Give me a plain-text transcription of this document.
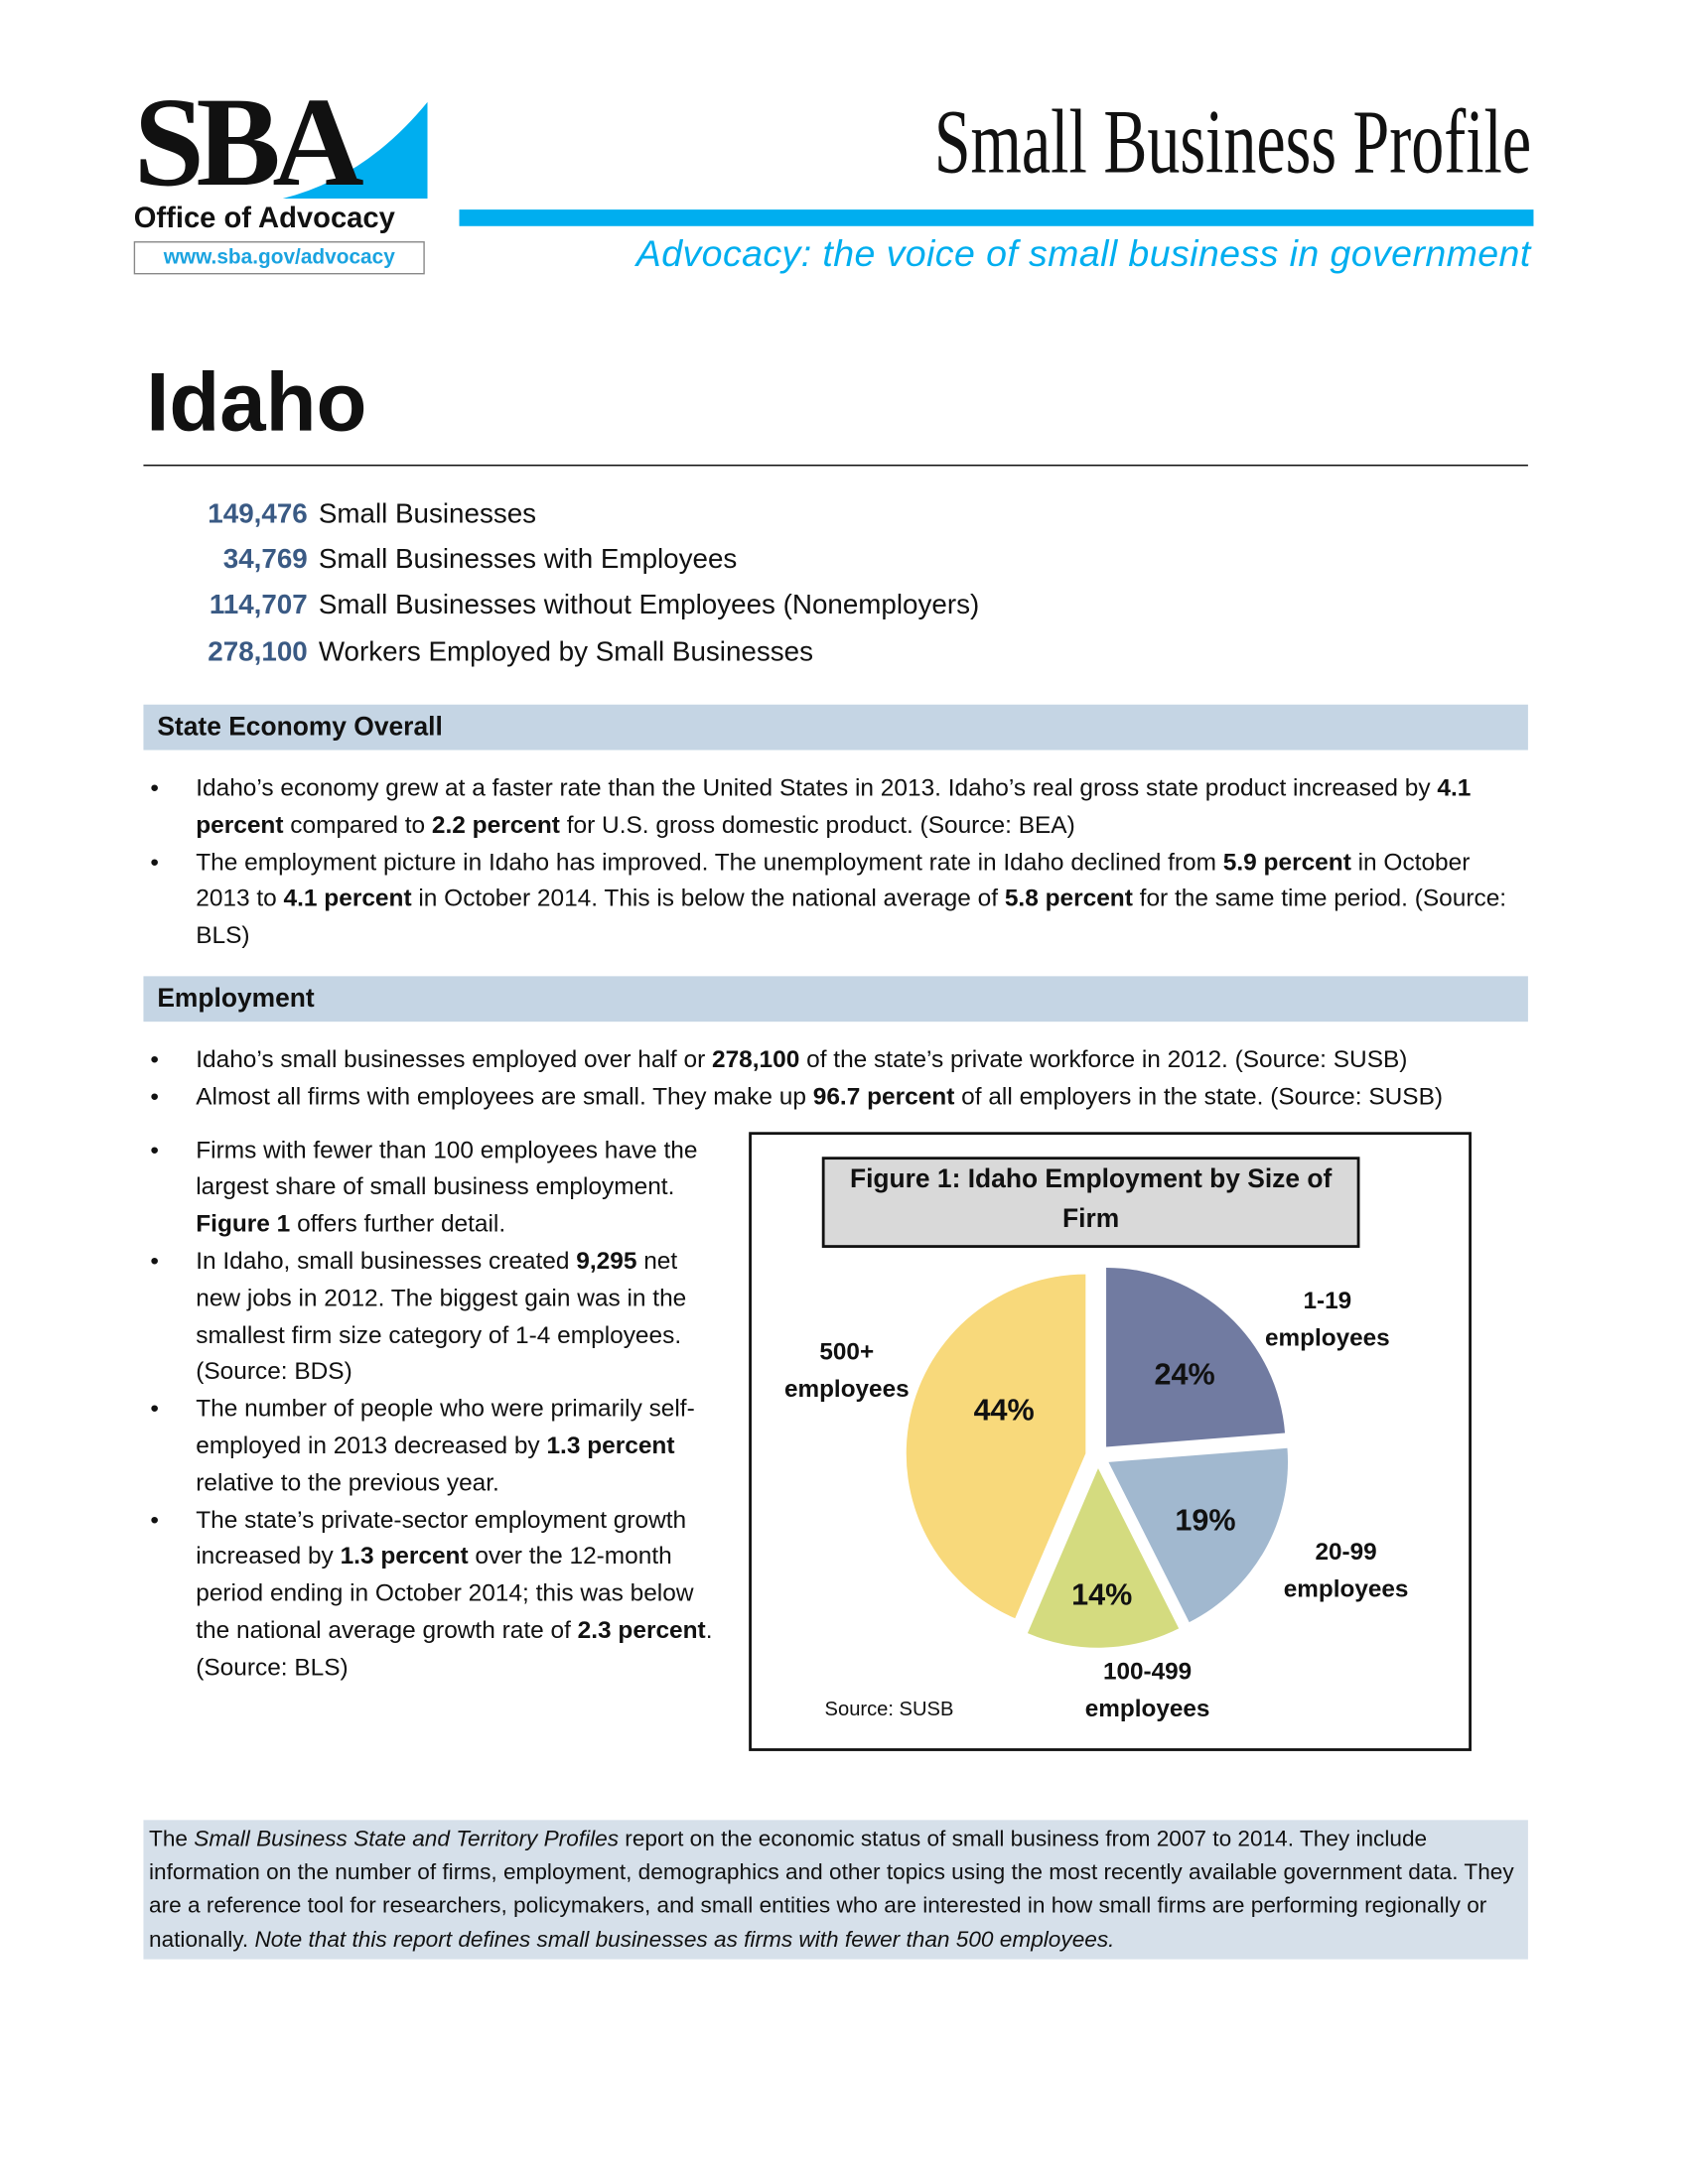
SBA
Office of Advocacy
www.sba.gov/advocacy
Small Business Profile
Advocacy: the voice of small business in government
Idaho
149,476 Small Businesses
34,769 Small Businesses with Employees
114,707 Small Businesses without Employees (Nonemployers)
278,100 Workers Employed by Small Businesses
State Economy Overall
• Idaho’s economy grew at a faster rate than the United States in 2013. Idaho’s real gross state product increased by 4.1 percent compared to 2.2 percent for U.S. gross domestic product. (Source: BEA)
• The employment picture in Idaho has improved. The unemployment rate in Idaho declined from 5.9 percent in October 2013 to 4.1 percent in October 2014. This is below the national average of 5.8 percent for the same time period. (Source: BLS)
Employment
• Idaho’s small businesses employed over half or 278,100 of the state’s private workforce in 2012. (Source: SUSB)
• Almost all firms with employees are small. They make up 96.7 percent of all employers in the state. (Source: SUSB)
• Firms with fewer than 100 employees have the largest share of small business employment. Figure 1 offers further detail.
• In Idaho, small businesses created 9,295 net new jobs in 2012. The biggest gain was in the smallest firm size category of 1-4 employees. (Source: BDS)
• The number of people who were primarily self-employed in 2013 decreased by 1.3 percent relative to the previous year.
• The state’s private-sector employment growth increased by 1.3 percent over the 12-month period ending in October 2014; this was below the national average growth rate of 2.3 percent. (Source: BLS)
Figure 1: Idaho Employment by Size of Firm
1-19 employees
20-99 employees
100-499 employees
500+ employees	24%
19%
14%
44%
Source: SUSB
The Small Business State and Territory Profiles report on the economic status of small business from 2007 to 2014. They include information on the number of firms, employment, demographics and other topics using the most recently available government data. They are a reference tool for researchers, policymakers, and small entities who are interested in how small firms are performing regionally or nationally. Note that this report defines small businesses as firms with fewer than 500 employees.
